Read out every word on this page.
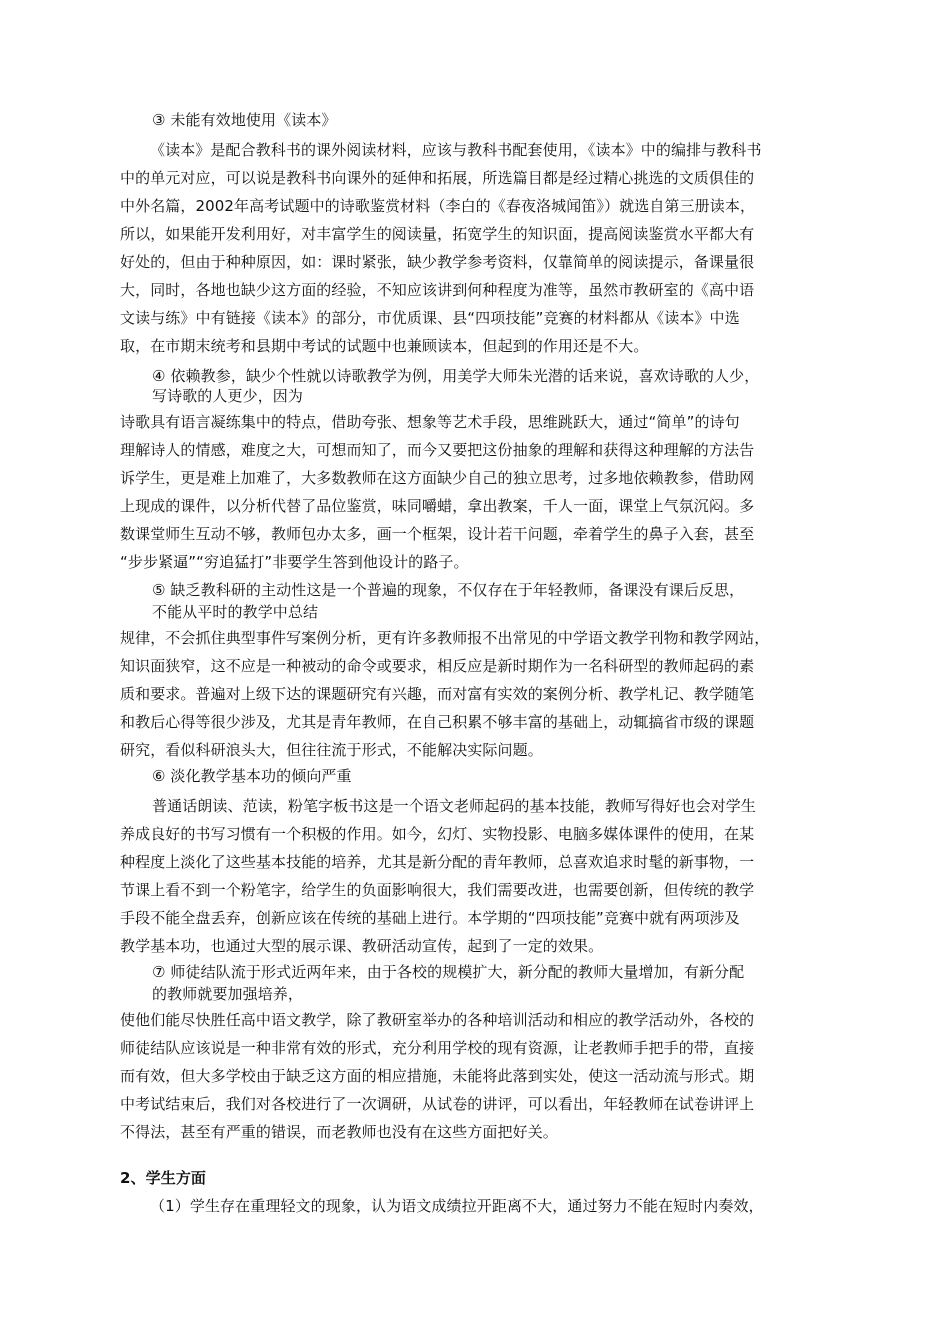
③ 未能有效地使用《读本》
《读本》是配合教科书的课外阅读材料，应该与教科书配套使用，《读本》中的编排与教科书
中的单元对应，可以说是教科书向课外的延伸和拓展，所选篇目都是经过精心挑选的文质俱佳的
中外名篇，2002年高考试题中的诗歌鉴赏材料（李白的《春夜洛城闻笛》）就选自第三册读本，
所以，如果能开发利用好，对丰富学生的阅读量，拓宽学生的知识面，提高阅读鉴赏水平都大有
好处的，但由于种种原因，如：课时紧张，缺少教学参考资料，仅靠简单的阅读提示，备课量很
大，同时，各地也缺少这方面的经验，不知应该讲到何种程度为准等，虽然市教研室的《高中语
文读与练》中有链接《读本》的部分，市优质课、县“四项技能”竞赛的材料都从《读本》中选
取，在市期末统考和县期中考试的试题中也兼顾读本，但起到的作用还是不大。
④ 依赖教参，缺少个性就以诗歌教学为例，用美学大师朱光潜的话来说，喜欢诗歌的人少，
写诗歌的人更少，因为
诗歌具有语言凝练集中的特点，借助夸张、想象等艺术手段，思维跳跃大，通过“简单”的诗句
理解诗人的情感，难度之大，可想而知了，而今又要把这份抽象的理解和获得这种理解的方法告
诉学生，更是难上加难了，大多数教师在这方面缺少自己的独立思考，过多地依赖教参，借助网
上现成的课件，以分析代替了品位鉴赏，味同嚼蜡，拿出教案，千人一面，课堂上气氛沉闷。多
数课堂师生互动不够，教师包办太多，画一个框架，设计若干问题，牵着学生的鼻子入套，甚至
“步步紧逼”“穷追猛打”非要学生答到他设计的路子。
⑤ 缺乏教科研的主动性这是一个普遍的现象，不仅存在于年轻教师，备课没有课后反思，
不能从平时的教学中总结
规律，不会抓住典型事件写案例分析，更有许多教师报不出常见的中学语文教学刊物和教学网站，
知识面狭窄，这不应是一种被动的命令或要求，相反应是新时期作为一名科研型的教师起码的素
质和要求。普遍对上级下达的课题研究有兴趣，而对富有实效的案例分析、教学札记、教学随笔
和教后心得等很少涉及，尤其是青年教师，在自己积累不够丰富的基础上，动辄搞省市级的课题
研究，看似科研浪头大，但往往流于形式，不能解决实际问题。
⑥ 淡化教学基本功的倾向严重
普通话朗读、范读，粉笔字板书这是一个语文老师起码的基本技能，教师写得好也会对学生
养成良好的书写习惯有一个积极的作用。如今，幻灯、实物投影、电脑多媒体课件的使用，在某
种程度上淡化了这些基本技能的培养，尤其是新分配的青年教师，总喜欢追求时髦的新事物，一
节课上看不到一个粉笔字，给学生的负面影响很大，我们需要改进，也需要创新，但传统的教学
手段不能全盘丢弃，创新应该在传统的基础上进行。本学期的“四项技能”竞赛中就有两项涉及
教学基本功，也通过大型的展示课、教研活动宣传，起到了一定的效果。
⑦ 师徒结队流于形式近两年来，由于各校的规模扩大，新分配的教师大量增加，有新分配
的教师就要加强培养，
使他们能尽快胜任高中语文教学，除了教研室举办的各种培训活动和相应的教学活动外，各校的
师徒结队应该说是一种非常有效的形式，充分利用学校的现有资源，让老教师手把手的带，直接
而有效，但大多学校由于缺乏这方面的相应措施，未能将此落到实处，使这一活动流与形式。期
中考试结束后，我们对各校进行了一次调研，从试卷的讲评，可以看出，年轻教师在试卷讲评上
不得法，甚至有严重的错误，而老教师也没有在这些方面把好关。
2、学生方面
（1）学生存在重理轻文的现象，认为语文成绩拉开距离不大，通过努力不能在短时内奏效，
